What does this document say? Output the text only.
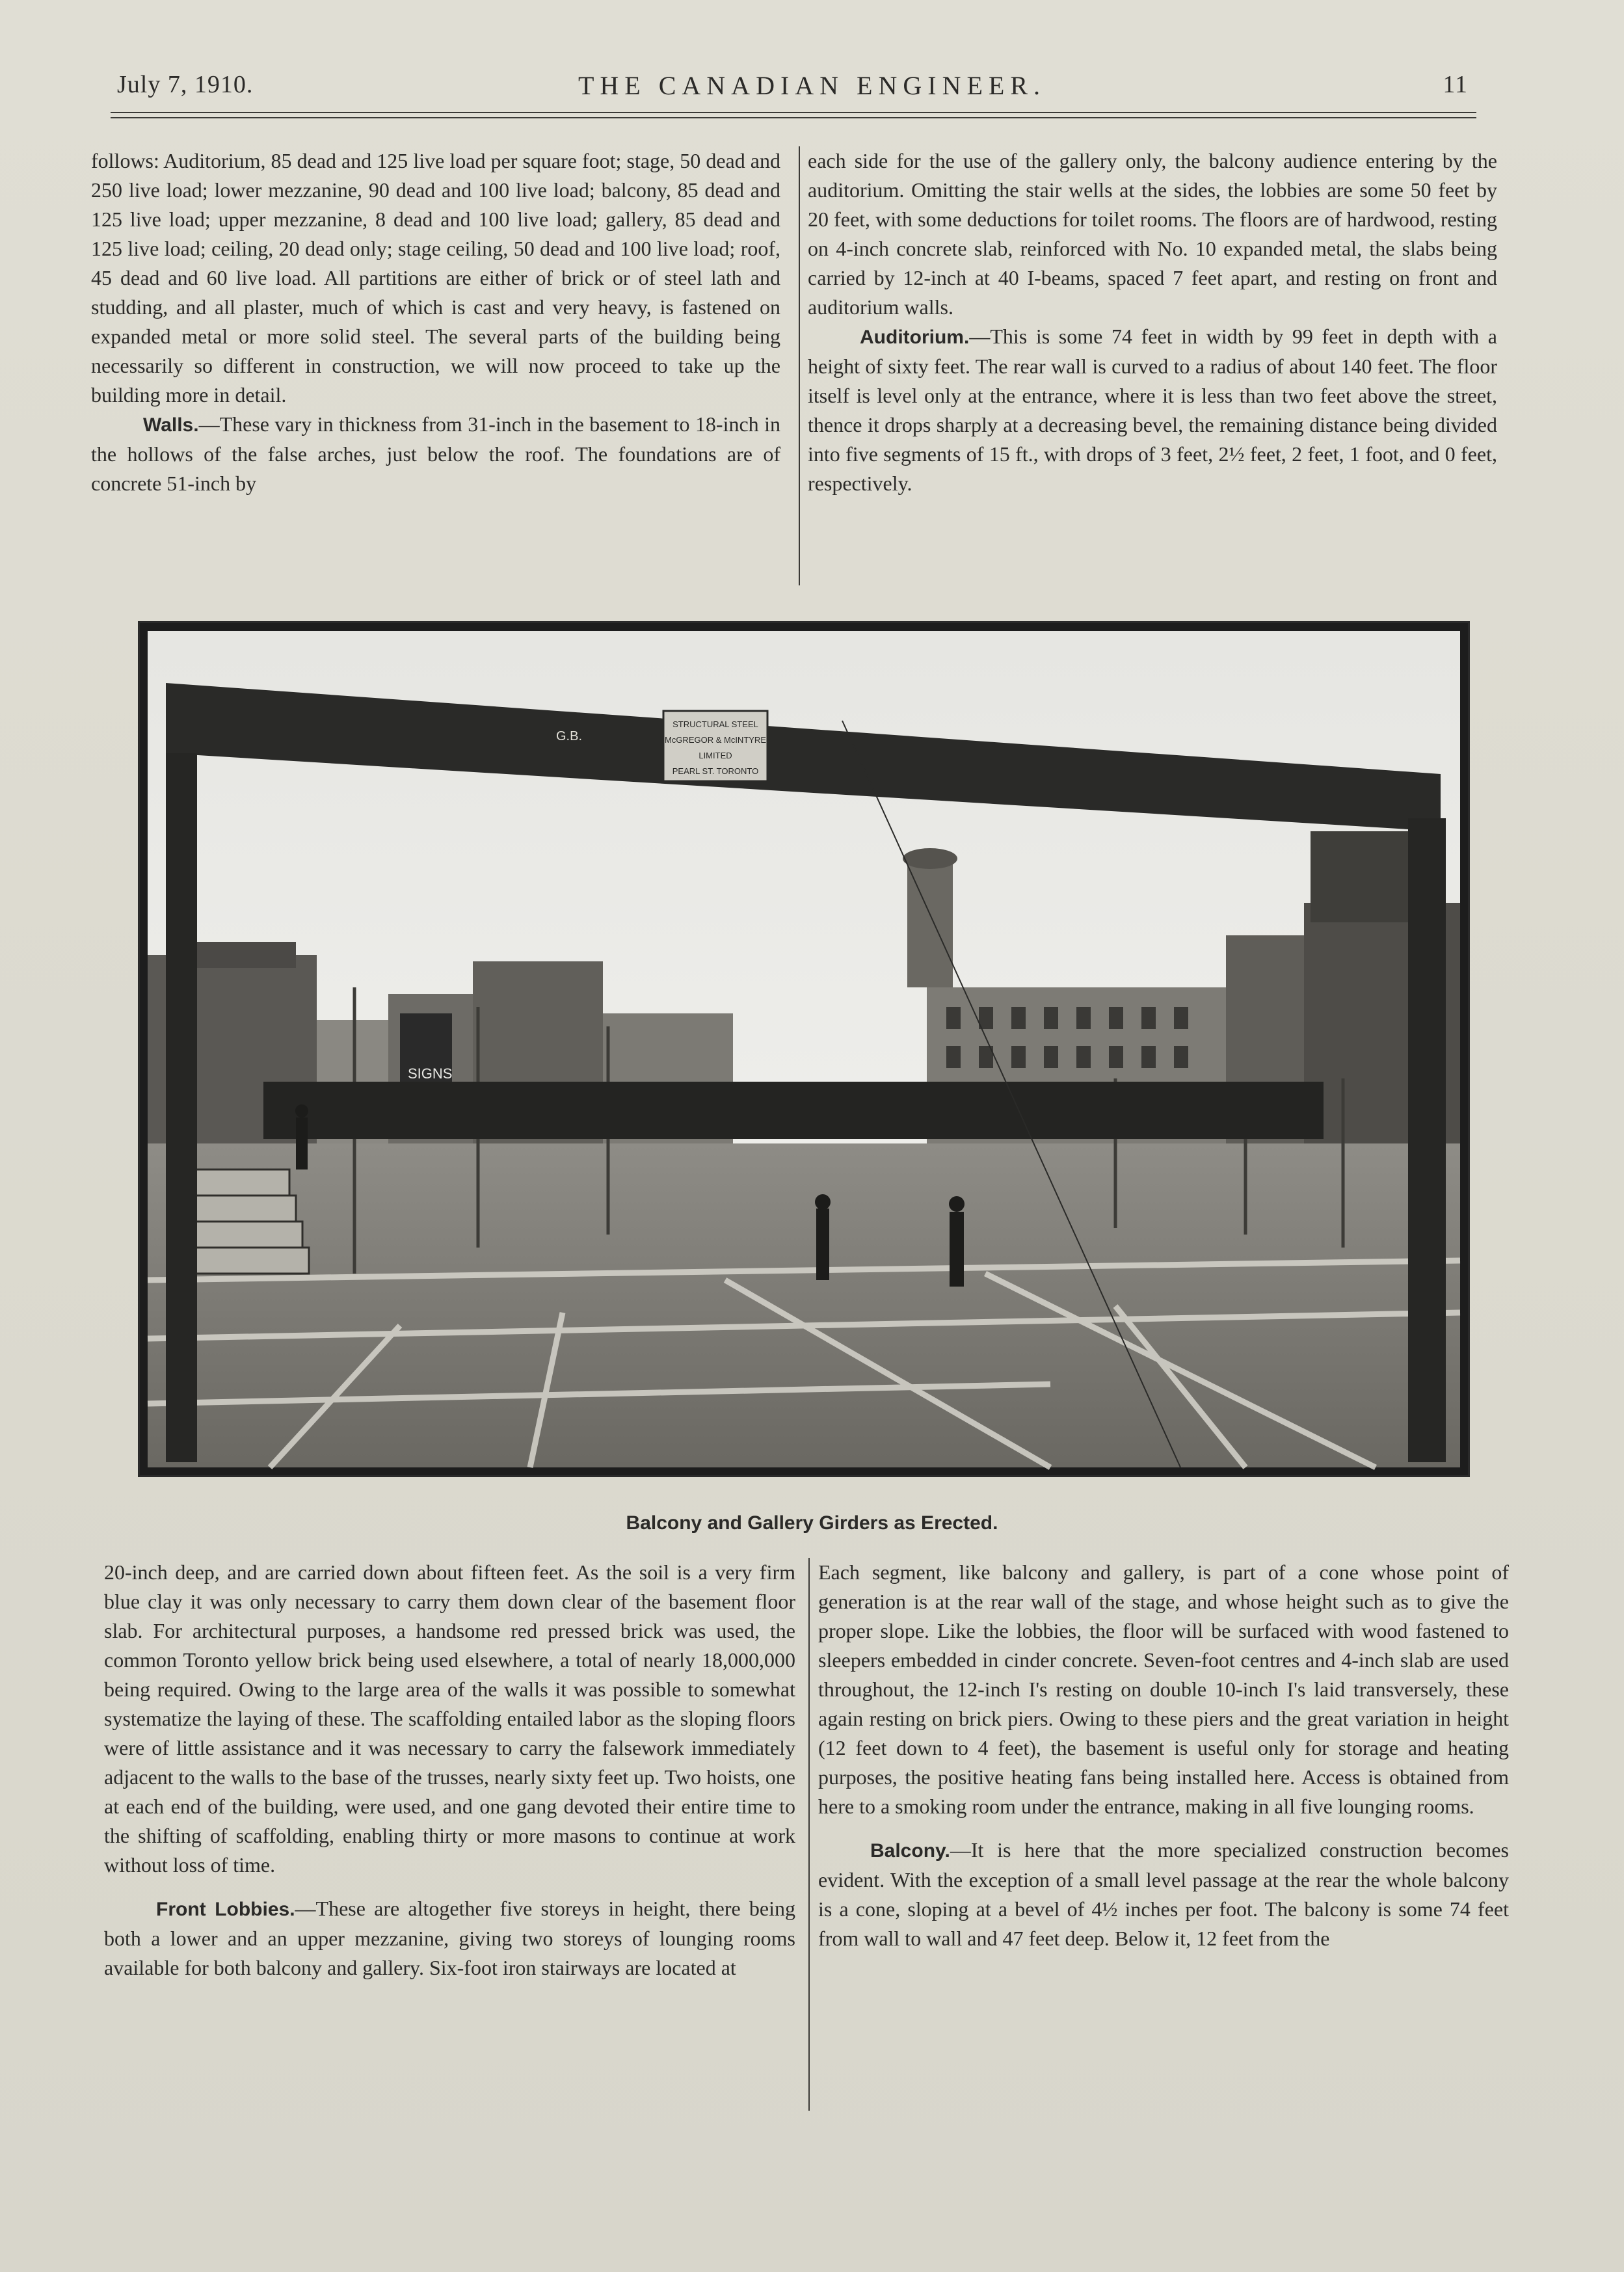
THE CANADIAN ENGINEER.
July 7, 1910.	11

follows: Auditorium, 85 dead and 125 live load per square foot; stage, 50 dead and 250 live load; lower mezzanine, 90 dead and 100 live load; balcony, 85 dead and 125 live load; upper mezzanine, 8 dead and 100 live load; gallery, 85 dead and 125 live load; ceiling, 20 dead only; stage ceiling, 50 dead and 100 live load; roof, 45 dead and 60 live load. All partitions are either of brick or of steel lath and studding, and all plaster, much of which is cast and very heavy, is fastened on expanded metal or more solid steel. The several parts of the building being necessarily so different in construction, we will now proceed to take up the building more in detail.

Walls.—These vary in thickness from 31-inch in the basement to 18-inch in the hollows of the false arches, just below the roof. The foundations are of concrete 51-inch by

each side for the use of the gallery only, the balcony audience entering by the auditorium. Omitting the stair wells at the sides, the lobbies are some 50 feet by 20 feet, with some deductions for toilet rooms. The floors are of hardwood, resting on 4-inch concrete slab, reinforced with No. 10 expanded metal, the slabs being carried by 12-inch at 40 I-beams, spaced 7 feet apart, and resting on front and auditorium walls.

Auditorium.—This is some 74 feet in width by 99 feet in depth with a height of sixty feet. The rear wall is curved to a radius of about 140 feet. The floor itself is level only at the entrance, where it is less than two feet above the street, thence it drops sharply at a decreasing bevel, the remaining distance being divided into five segments of 15 ft., with drops of 3 feet, 2½ feet, 2 feet, 1 foot, and 0 feet, respectively.

SIGNS
STRUCTURAL STEEL
McGREGOR & McINTYRE
LIMITED
PEARL ST. TORONTO
G.B.
Balcony and Gallery Girders as Erected.

20-inch deep, and are carried down about fifteen feet. As the soil is a very firm blue clay it was only necessary to carry them down clear of the basement floor slab. For architectural purposes, a handsome red pressed brick was used, the common Toronto yellow brick being used elsewhere, a total of nearly 18,000,000 being required. Owing to the large area of the walls it was possible to somewhat systematize the laying of these. The scaffolding entailed labor as the sloping floors were of little assistance and it was necessary to carry the falsework immediately adjacent to the walls to the base of the trusses, nearly sixty feet up. Two hoists, one at each end of the building, were used, and one gang devoted their entire time to the shifting of scaffolding, enabling thirty or more masons to continue at work without loss of time.

Front Lobbies.—These are altogether five storeys in height, there being both a lower and an upper mezzanine, giving two storeys of lounging rooms available for both balcony and gallery. Six-foot iron stairways are located at

Each segment, like balcony and gallery, is part of a cone whose point of generation is at the rear wall of the stage, and whose height such as to give the proper slope. Like the lobbies, the floor will be surfaced with wood fastened to sleepers embedded in cinder concrete. Seven-foot centres and 4-inch slab are used throughout, the 12-inch I's resting on double 10-inch I's laid transversely, these again resting on brick piers. Owing to these piers and the great variation in height (12 feet down to 4 feet), the basement is useful only for storage and heating purposes, the positive heating fans being installed here. Access is obtained from here to a smoking room under the entrance, making in all five lounging rooms.

Balcony.—It is here that the more specialized construction becomes evident. With the exception of a small level passage at the rear the whole balcony is a cone, sloping at a bevel of 4½ inches per foot. The balcony is some 74 feet from wall to wall and 47 feet deep. Below it, 12 feet from the
